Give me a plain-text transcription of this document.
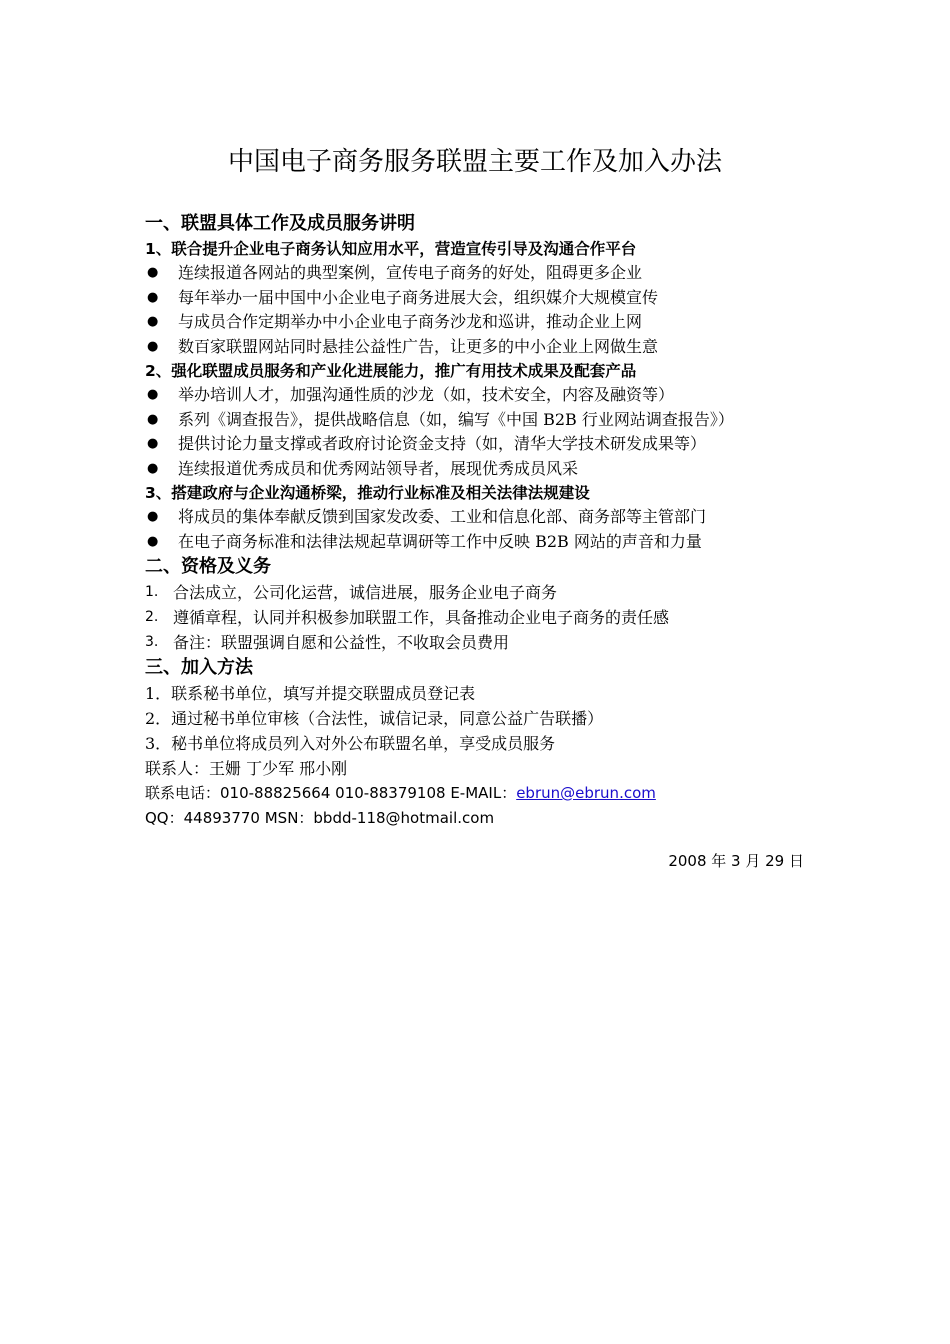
中国电子商务服务联盟主要工作及加入办法
一、联盟具体工作及成员服务讲明
1、联合提升企业电子商务认知应用水平，营造宣传引导及沟通合作平台
● 连续报道各网站的典型案例，宣传电子商务的好处，阻碍更多企业
● 每年举办一届中国中小企业电子商务进展大会，组织媒介大规模宣传
● 与成员合作定期举办中小企业电子商务沙龙和巡讲，推动企业上网
● 数百家联盟网站同时悬挂公益性广告，让更多的中小企业上网做生意
2、强化联盟成员服务和产业化进展能力，推广有用技术成果及配套产品
● 举办培训人才，加强沟通性质的沙龙（如，技术安全，内容及融资等）
● 系列《调查报告》，提供战略信息（如，编写《中国 B2B 行业网站调查报告》）
● 提供讨论力量支撑或者政府讨论资金支持（如，清华大学技术研发成果等）
● 连续报道优秀成员和优秀网站领导者，展现优秀成员风采
3、搭建政府与企业沟通桥梁，推动行业标准及相关法律法规建设
● 将成员的集体奉献反馈到国家发改委、工业和信息化部、商务部等主管部门
● 在电子商务标准和法律法规起草调研等工作中反映 B2B 网站的声音和力量
二、资格及义务
1. 合法成立，公司化运营，诚信进展，服务企业电子商务
2. 遵循章程，认同并积极参加联盟工作，具备推动企业电子商务的责任感
3. 备注：联盟强调自愿和公益性，不收取会员费用
三、加入方法
1．联系秘书单位，填写并提交联盟成员登记表
2．通过秘书单位审核（合法性，诚信记录，同意公益广告联播）
3．秘书单位将成员列入对外公布联盟名单，享受成员服务
联系人：王姗 丁少军 邢小刚
联系电话：010-88825664 010-88379108 E-MAIL：ebrun@ebrun.com
QQ：44893770 MSN：bbdd-118@hotmail.com
2008 年 3 月 29 日
